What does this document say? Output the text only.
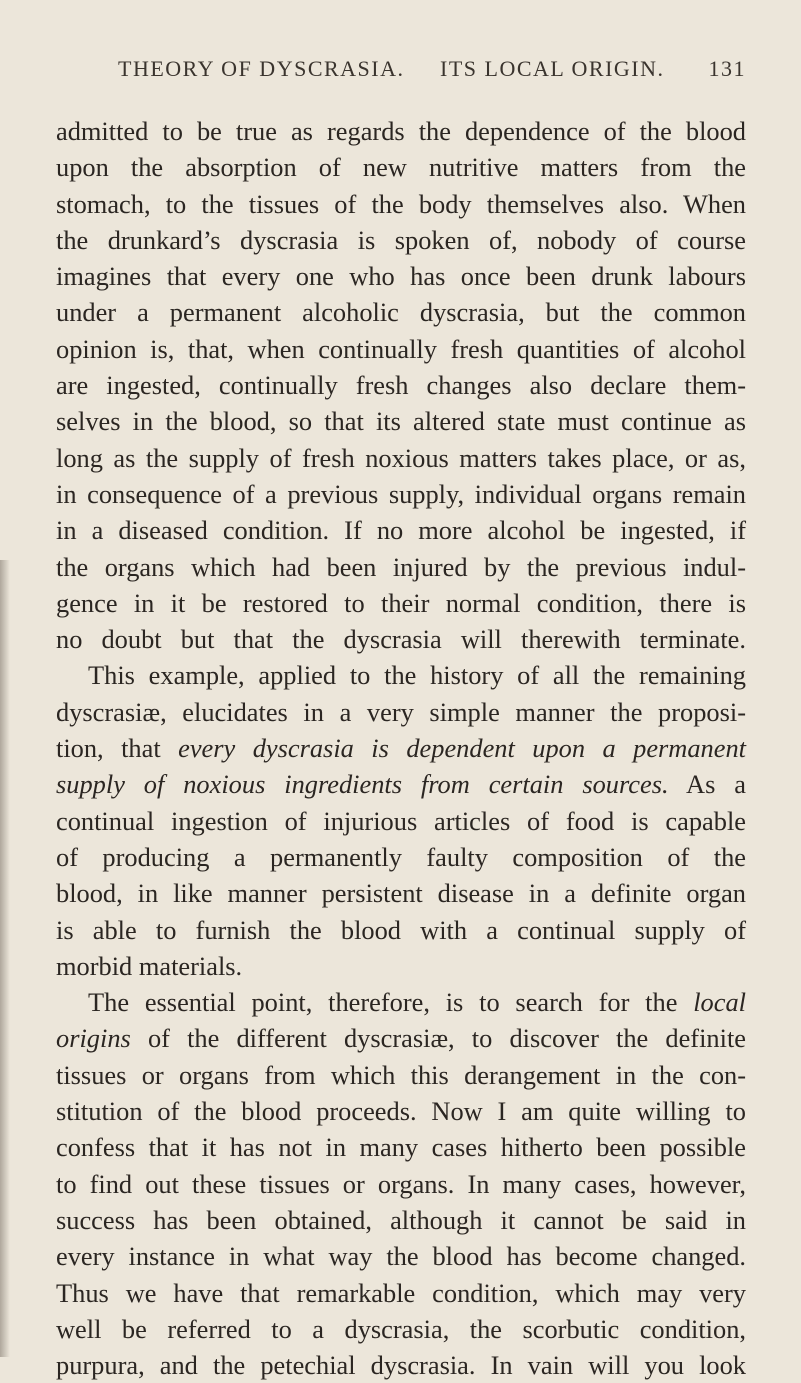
THEORY OF DYSCRASIA. ITS LOCAL ORIGIN. 131
admitted to be true as regards the dependence of the blood
upon the absorption of new nutritive matters from the
stomach, to the tissues of the body themselves also. When
the drunkard’s dyscrasia is spoken of, nobody of course
imagines that every one who has once been drunk labours
under a permanent alcoholic dyscrasia, but the common
opinion is, that, when continually fresh quantities of alcohol
are ingested, continually fresh changes also declare them-
selves in the blood, so that its altered state must continue as
long as the supply of fresh noxious matters takes place, or as,
in consequence of a previous supply, individual organs remain
in a diseased condition. If no more alcohol be ingested, if
the organs which had been injured by the previous indul-
gence in it be restored to their normal condition, there is
no doubt but that the dyscrasia will therewith terminate.
This example, applied to the history of all the remaining
dyscrasiæ, elucidates in a very simple manner the proposi-
tion, that every dyscrasia is dependent upon a permanent
supply of noxious ingredients from certain sources. As a
continual ingestion of injurious articles of food is capable
of producing a permanently faulty composition of the
blood, in like manner persistent disease in a definite organ
is able to furnish the blood with a continual supply of
morbid materials.
The essential point, therefore, is to search for the local
origins of the different dyscrasiæ, to discover the definite
tissues or organs from which this derangement in the con-
stitution of the blood proceeds. Now I am quite willing to
confess that it has not in many cases hitherto been possible
to find out these tissues or organs. In many cases, however,
success has been obtained, although it cannot be said in
every instance in what way the blood has become changed.
Thus we have that remarkable condition, which may very
well be referred to a dyscrasia, the scorbutic condition,
purpura, and the petechial dyscrasia. In vain will you look
